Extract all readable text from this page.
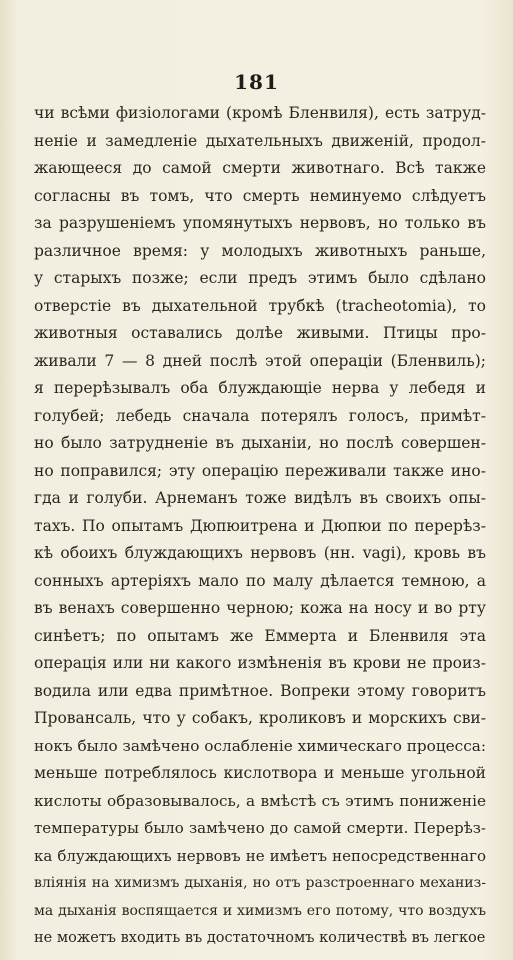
181
чи всѣми физіологами (кромѣ Бленвиля), есть затруд-
неніе и замедленіе дыхательныхъ движеній, продол-
жающееся до самой смерти животнаго. Всѣ также
согласны въ томъ, что смерть неминуемо слѣдуетъ
за разрушеніемъ упомянутыхъ нервовъ, но только въ
различное время: у молодыхъ животныхъ раньше,
у старыхъ позже; если предъ этимъ было сдѣлано
отверстіе въ дыхательной трубкѣ (tracheotomia), то
животныя оставались долѣе живыми. Птицы про-
живали 7 — 8 дней послѣ этой операціи (Бленвиль);
я перерѣзывалъ оба блуждающіе нерва у лебедя и
голубей; лебедь сначала потерялъ голосъ, примѣт-
но было затрудненіе въ дыханіи, но послѣ совершен-
но поправился; эту операцію переживали также ино-
гда и голуби. Арнеманъ тоже видѣлъ въ своихъ опы-
тахъ. По опытамъ Дюпюитрена и Дюпюи по перерѣз-
кѣ обоихъ блуждающихъ нервовъ (нн. vagi), кровь въ
сонныхъ артеріяхъ мало по малу дѣлается темною, а
въ венахъ совершенно черною; кожа на носу и во рту
синѣетъ; по опытамъ же Еммерта и Бленвиля эта
операція или ни какого измѣненія въ крови не произ-
водила или едва примѣтное. Вопреки этому говоритъ
Провансаль, что у собакъ, кроликовъ и морскихъ сви-
нокъ было замѣчено ослабленіе химическаго процесса:
меньше потреблялось кислотвора и меньше угольной
кислоты образовывалось, а вмѣстѣ съ этимъ пониженіе
температуры было замѣчено до самой смерти. Перерѣз-
ка блуждающихъ нервовъ не имѣетъ непосредственнаго
вліянія на химизмъ дыханія, но отъ разстроеннаго механиз-
ма дыханія воспящается и химизмъ его потому, что воздухъ
не можетъ входить въ достаточномъ количествѣ въ легкое
